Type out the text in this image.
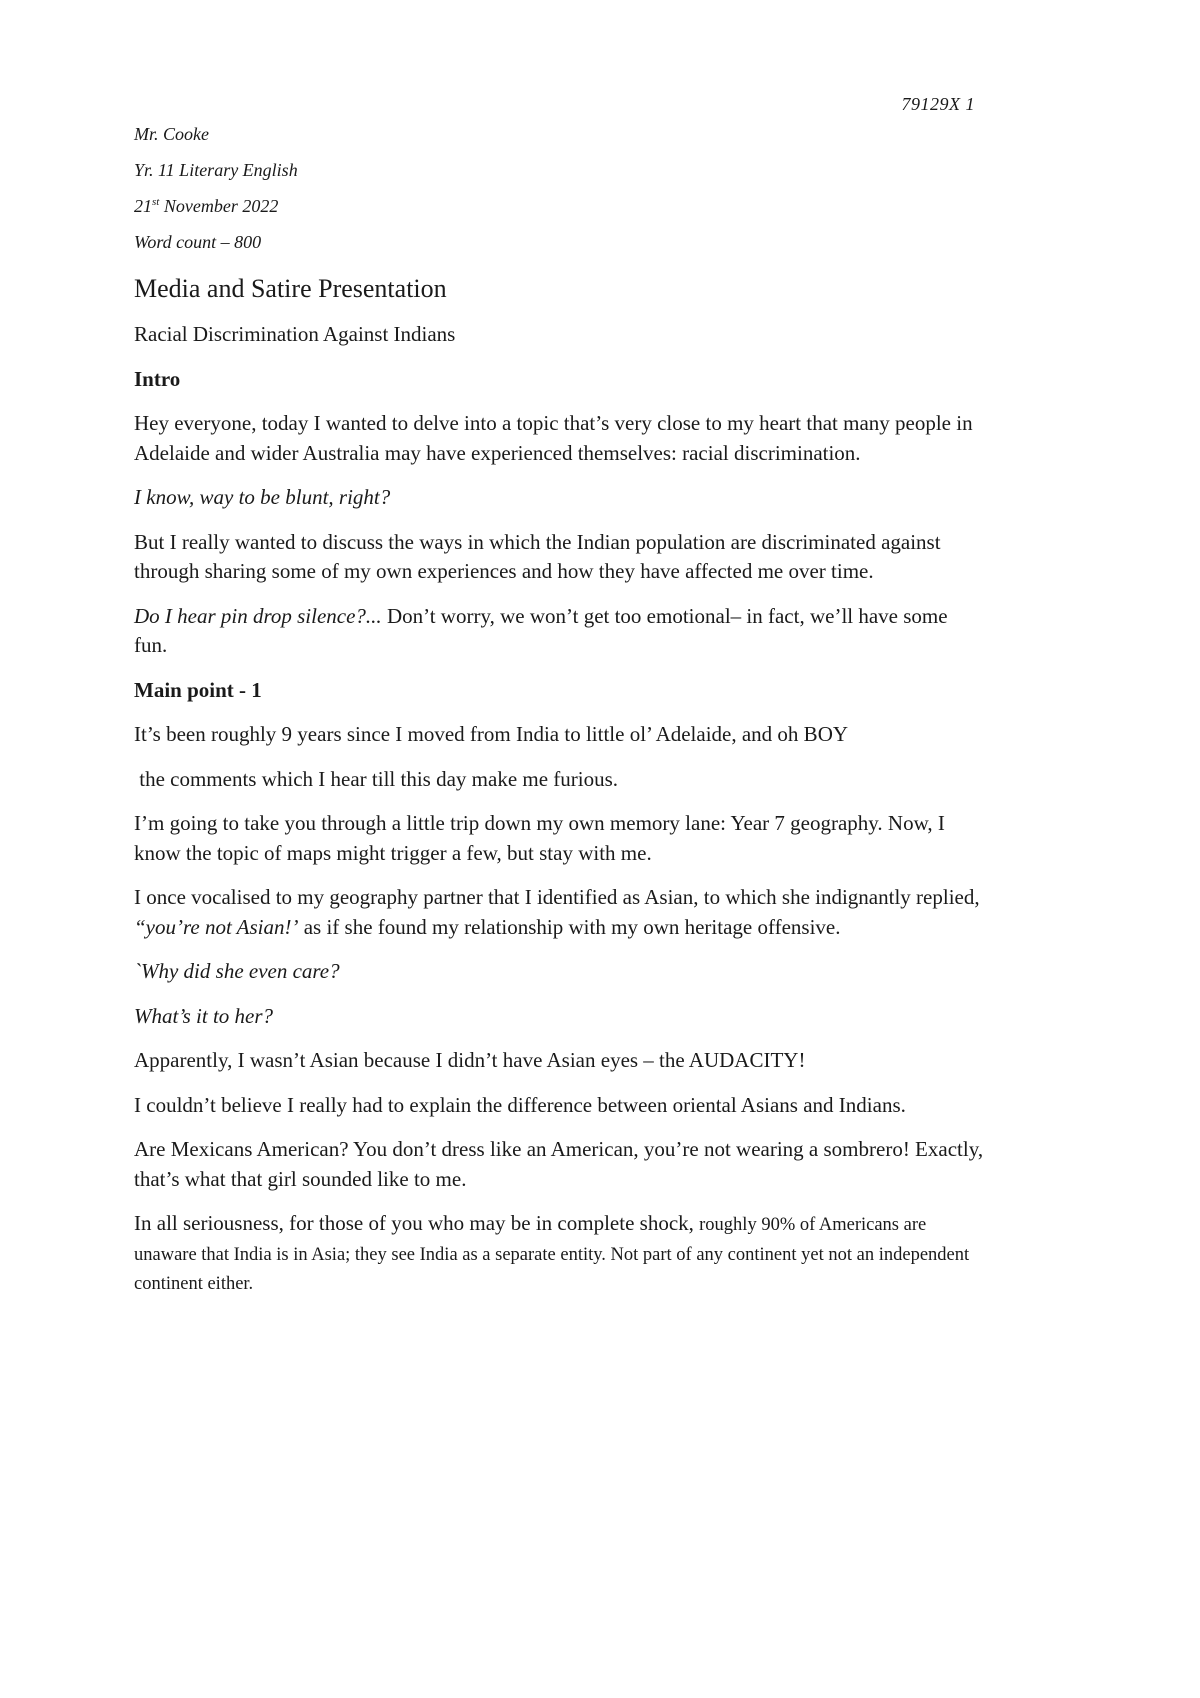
79129X 1
Mr. Cooke
Yr. 11 Literary English
21st November 2022
Word count – 800

Media and Satire Presentation

Racial Discrimination Against Indians

Intro

Hey everyone, today I wanted to delve into a topic that’s very close to my heart that many people in Adelaide and wider Australia may have experienced themselves: racial discrimination.

I know, way to be blunt, right?

But I really wanted to discuss the ways in which the Indian population are discriminated against through sharing some of my own experiences and how they have affected me over time.

Do I hear pin drop silence?... Don’t worry, we won’t get too emotional– in fact, we’ll have some fun.

Main point - 1

It’s been roughly 9 years since I moved from India to little ol’ Adelaide, and oh BOY

the comments which I hear till this day make me furious.

I’m going to take you through a little trip down my own memory lane: Year 7 geography. Now, I know the topic of maps might trigger a few, but stay with me.

I once vocalised to my geography partner that I identified as Asian, to which she indignantly replied, “you’re not Asian!’ as if she found my relationship with my own heritage offensive.

`Why did she even care?

What’s it to her?

Apparently, I wasn’t Asian because I didn’t have Asian eyes – the AUDACITY!

I couldn’t believe I really had to explain the difference between oriental Asians and Indians.

Are Mexicans American? You don’t dress like an American, you’re not wearing a sombrero! Exactly, that’s what that girl sounded like to me.

In all seriousness, for those of you who may be in complete shock, roughly 90% of Americans are unaware that India is in Asia; they see India as a separate entity. Not part of any continent yet not an independent continent either.
